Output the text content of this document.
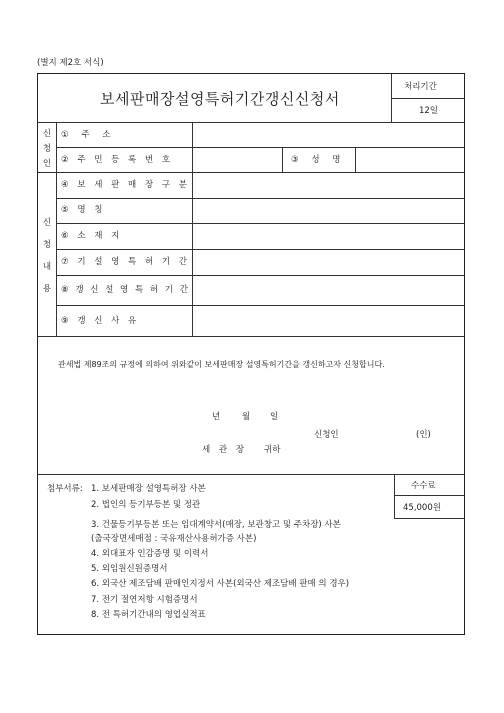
(별지 제2호 서식)
보세판매장설영특허기간갱신신청서
처리기간
12일
신청인
① 주 소
② 주 민 등 록 번 호	③ 성 명
신청내용
④ 보 세 판 매 장 구 분
⑤ 명 칭
⑥ 소 재 지
⑦ 기 설 영 특 허 기 간
⑧ 갱 신 설 영 특 허 기 간
⑨ 갱 신 사 유
관세법 제89조의 규정에 의하여 위와같이 보세판매장 설영특허기간을 갱신하고자 신청합니다.
년	월 일
신청인	(인)
세 관 장 귀하
첨부서류: 1. 보세판매장 설영특허장 사본
2. 법인의 등기부등본 및 정관
3. 건물등기부등본 또는 임대계약서(매장, 보관창고 및 주차장) 사본
(출국장면세매점 : 국유재산사용허가증 사본)
4. 외대표자 인감증명 및 이력서
5. 외임원신원증명서
6. 외국산 제조담배 판매인지정서 사본(외국산 제조담배 판매 의 경우)
7. 전기 절연저항 시험증명서
8. 전 특허기간내의 영업실적표
수수료
45,000원
